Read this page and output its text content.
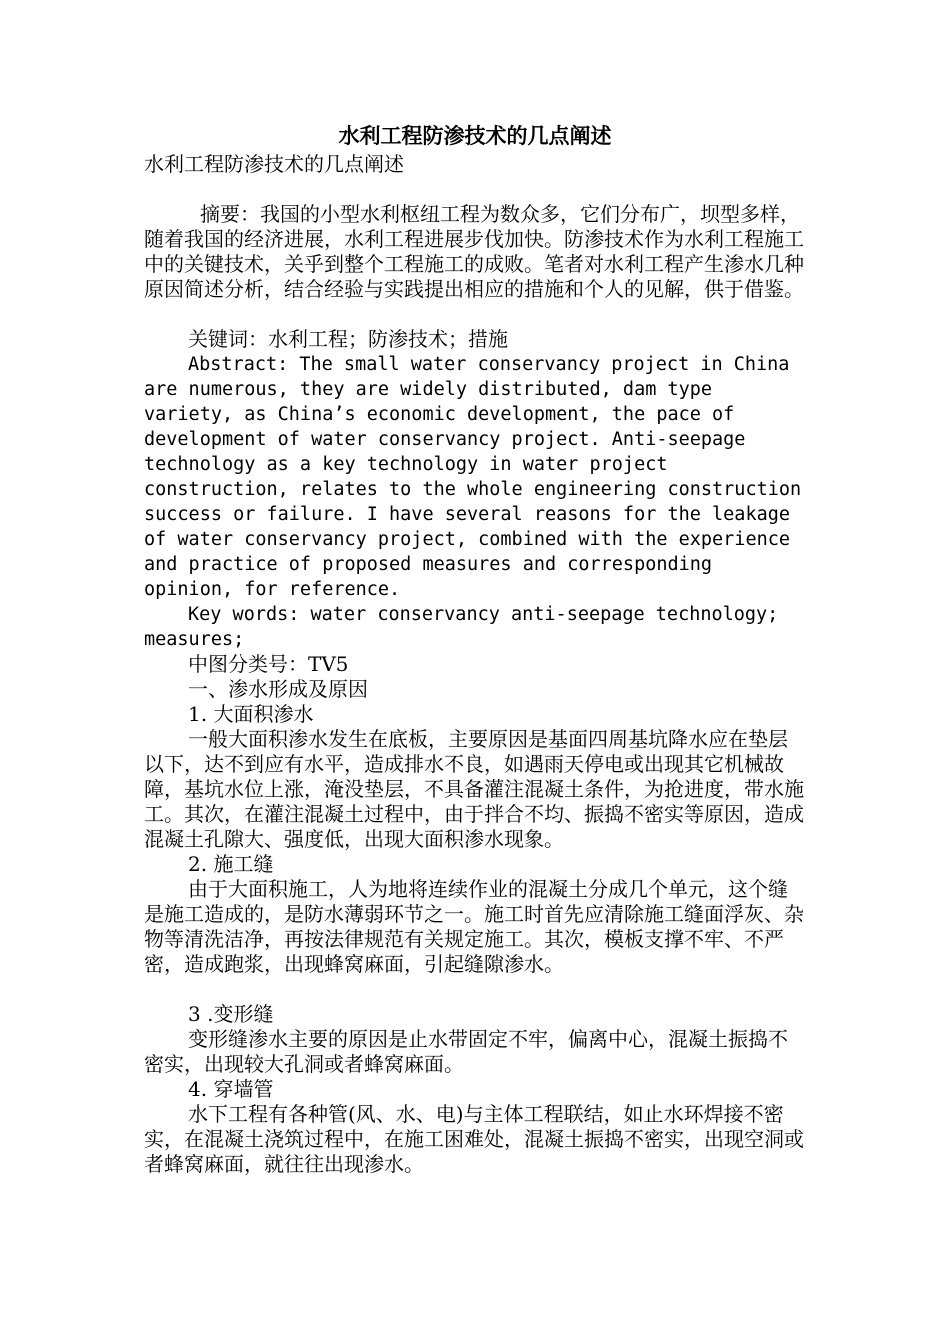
水利工程防渗技术的几点阐述

水利工程防渗技术的几点阐述

摘要：我国的小型水利枢纽工程为数众多，它们分布广，坝型多样，随着我国的经济进展，水利工程进展步伐加快。防渗技术作为水利工程施工中的关键技术，关乎到整个工程施工的成败。笔者对水利工程产生渗水几种原因简述分析，结合经验与实践提出相应的措施和个人的见解，供于借鉴。

关键词：水利工程；防渗技术；措施

Abstract: The small water conservancy project in China are numerous, they are widely distributed, dam type variety, as China’s economic development, the pace of development of water conservancy project. Anti-seepage technology as a key technology in water project construction, relates to the whole engineering construction success or failure. I have several reasons for the leakage of water conservancy project, combined with the experience and practice of proposed measures and corresponding opinion, for reference.

Key words: water conservancy anti-seepage technology; measures;

中图分类号：TV5

一、渗水形成及原因

1. 大面积渗水

一般大面积渗水发生在底板，主要原因是基面四周基坑降水应在垫层以下，达不到应有水平，造成排水不良，如遇雨天停电或出现其它机械故障，基坑水位上涨，淹没垫层，不具备灌注混凝土条件，为抢进度，带水施工。其次，在灌注混凝土过程中，由于拌合不均、振捣不密实等原因，造成混凝土孔隙大、强度低，出现大面积渗水现象。

2. 施工缝

由于大面积施工，人为地将连续作业的混凝土分成几个单元，这个缝是施工造成的，是防水薄弱环节之一。施工时首先应清除施工缝面浮灰、杂物等清洗洁净，再按法律规范有关规定施工。其次，模板支撑不牢、不严密，造成跑浆，出现蜂窝麻面，引起缝隙渗水。

3 .变形缝

变形缝渗水主要的原因是止水带固定不牢，偏离中心，混凝土振捣不密实，出现较大孔洞或者蜂窝麻面。

4. 穿墙管

水下工程有各种管(风、水、电)与主体工程联结，如止水环焊接不密实，在混凝土浇筑过程中，在施工困难处，混凝土振捣不密实，出现空洞或者蜂窝麻面，就往往出现渗水。
